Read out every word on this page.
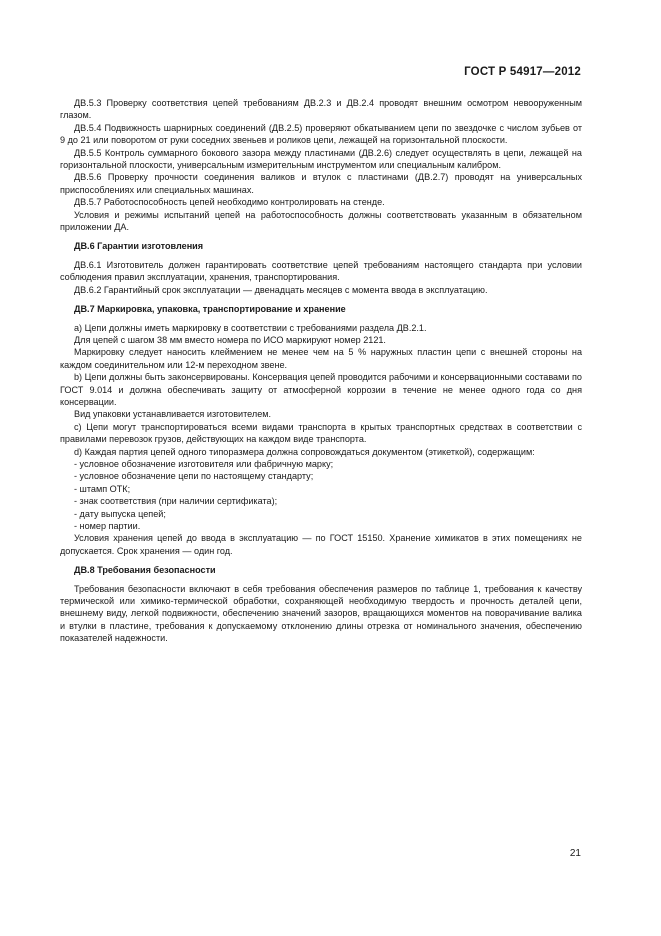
ГОСТ Р 54917—2012

ДВ.5.3 Проверку соответствия цепей требованиям ДВ.2.3 и ДВ.2.4 проводят внешним осмотром невооруженным глазом.

ДВ.5.4 Подвижность шарнирных соединений (ДВ.2.5) проверяют обкатыванием цепи по звездочке с числом зубьев от 9 до 21 или поворотом от руки соседних звеньев и роликов цепи, лежащей на горизонтальной плоскости.

ДВ.5.5 Контроль суммарного бокового зазора между пластинами (ДВ.2.6) следует осуществлять в цепи, лежащей на горизонтальной плоскости, универсальным измерительным инструментом или специальным калибром.

ДВ.5.6 Проверку прочности соединения валиков и втулок с пластинами (ДВ.2.7) проводят на универсальных приспособлениях или специальных машинах.

ДВ.5.7 Работоспособность цепей необходимо контролировать на стенде.

Условия и режимы испытаний цепей на работоспособность должны соответствовать указанным в обязательном приложении ДА.

ДВ.6 Гарантии изготовления

ДВ.6.1 Изготовитель должен гарантировать соответствие цепей требованиям настоящего стандарта при условии соблюдения правил эксплуатации, хранения, транспортирования.

ДВ.6.2 Гарантийный срок эксплуатации — двенадцать месяцев с момента ввода в эксплуатацию.

ДВ.7 Маркировка, упаковка, транспортирование и хранение

а) Цепи должны иметь маркировку в соответствии с требованиями раздела ДВ.2.1.

Для цепей с шагом 38 мм вместо номера по ИСО маркируют номер 2121.

Маркировку следует наносить клеймением не менее чем на 5 % наружных пластин цепи с внешней стороны на каждом соединительном или 12-м переходном звене.

b) Цепи должны быть законсервированы. Консервация цепей проводится рабочими и консервационными составами по ГОСТ 9.014 и должна обеспечивать защиту от атмосферной коррозии в течение не менее одного года со дня консервации.

Вид упаковки устанавливается изготовителем.

c) Цепи могут транспортироваться всеми видами транспорта в крытых транспортных средствах в соответствии с правилами перевозок грузов, действующих на каждом виде транспорта.

d) Каждая партия цепей одного типоразмера должна сопровождаться документом (этикеткой), содержащим:

- условное обозначение изготовителя или фабричную марку;

- условное обозначение цепи по настоящему стандарту;

- штамп ОТК;

- знак соответствия (при наличии сертификата);

- дату выпуска цепей;

- номер партии.

Условия хранения цепей до ввода в эксплуатацию — по ГОСТ 15150. Хранение химикатов в этих помещениях не допускается. Срок хранения — один год.

ДВ.8 Требования безопасности

Требования безопасности включают в себя требования обеспечения размеров по таблице 1, требования к качеству термической или химико-термической обработки, сохраняющей необходимую твердость и прочность деталей цепи, внешнему виду, легкой подвижности, обеспечению значений зазоров, вращающихся моментов на поворачивание валика и втулки в пластине, требования к допускаемому отклонению длины отрезка от номинального значения, обеспечению показателей надежности.

21
